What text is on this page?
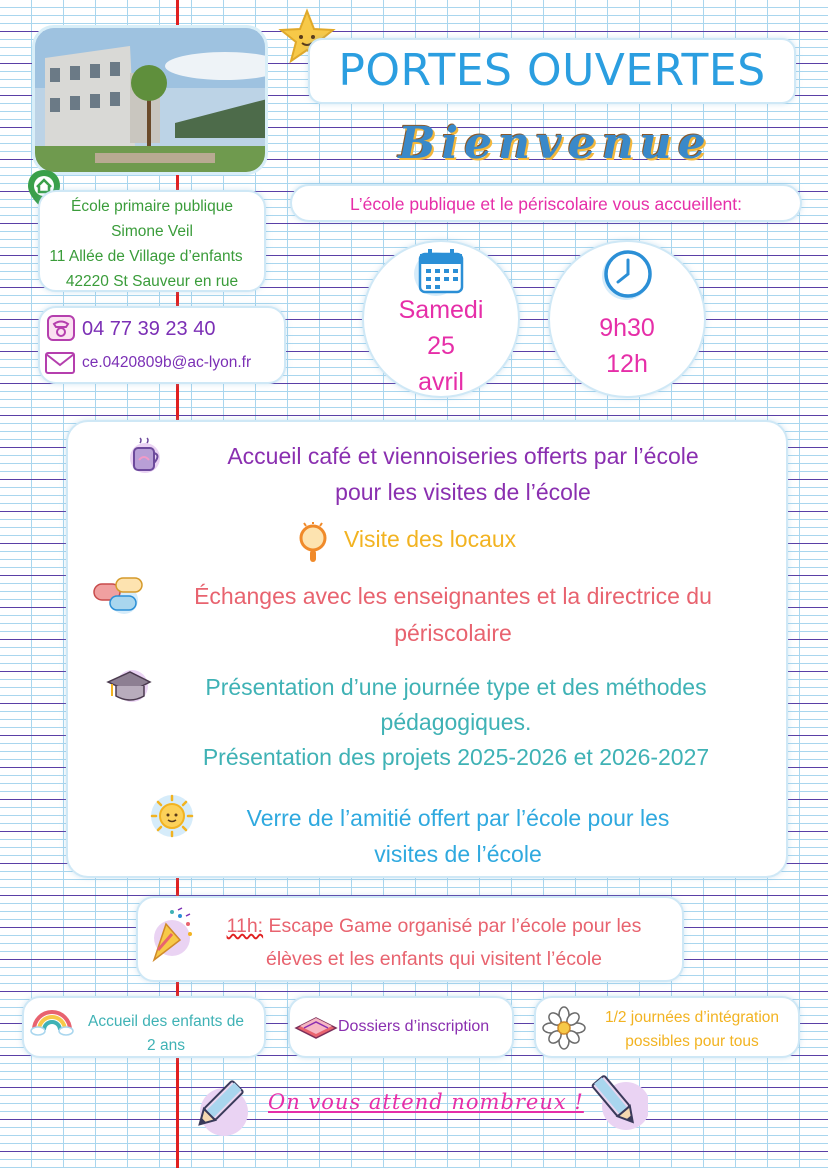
PORTES OUVERTES
Bienvenue
École primaire publique
Simone Veil
11 Allée de Village d’enfants
42220 St Sauveur en rue
L’école publique et le périscolaire vous accueillent:
04 77 39 23 40
ce.0420809b@ac-lyon.fr
Samedi
25
avril
9h30
12h
Accueil café et viennoiseries offerts par l’école
pour les visites de l’école
Visite des locaux
Échanges avec les enseignantes et la directrice du
périscolaire
Présentation d’une journée type et des méthodes
pédagogiques.
Présentation des projets 2025-2026 et 2026-2027
Verre de l’amitié offert par l’école pour les
visites de l’école
11h: Escape Game organisé par l’école pour les
élèves et les enfants qui visitent l’école
Accueil des enfants de
2 ans
Dossiers d’inscription
1/2 journées d’intégration
possibles pour tous
On vous attend nombreux !
